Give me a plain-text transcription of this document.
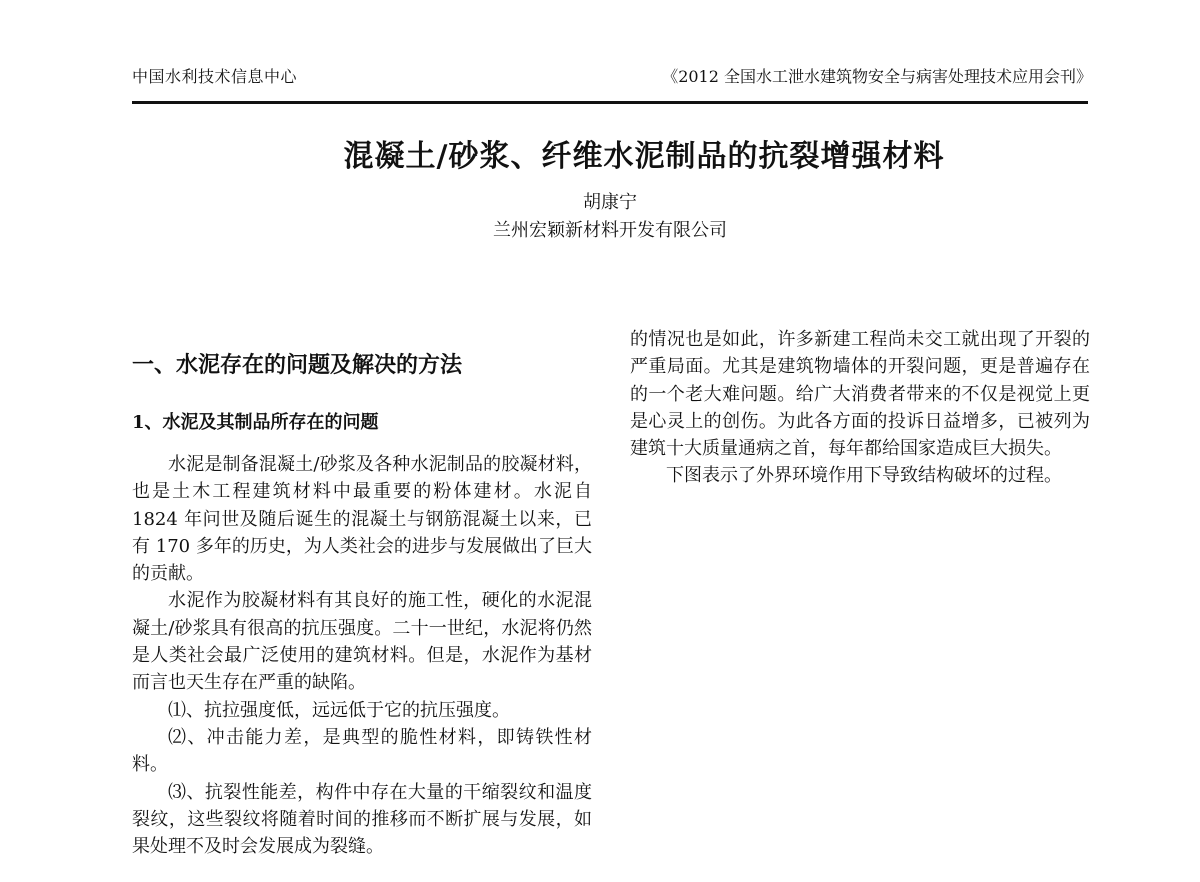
中国水利技术信息中心	《2012 全国水工泄水建筑物安全与病害处理技术应用会刊》
混凝土/砂浆、纤维水泥制品的抗裂增强材料
胡康宁
兰州宏颖新材料开发有限公司
一、水泥存在的问题及解决的方法
1、水泥及其制品所存在的问题

水泥是制备混凝土/砂浆及各种水泥制品的胶凝材料，也是土木工程建筑材料中最重要的粉体建材。水泥自 1824 年问世及随后诞生的混凝土与钢筋混凝土以来，已有 170 多年的历史，为人类社会的进步与发展做出了巨大的贡献。

水泥作为胶凝材料有其良好的施工性，硬化的水泥混凝土/砂浆具有很高的抗压强度。二十一世纪，水泥将仍然是人类社会最广泛使用的建筑材料。但是，水泥作为基材而言也天生存在严重的缺陷。

⑴、抗拉强度低，远远低于它的抗压强度。

⑵、冲击能力差，是典型的脆性材料，即铸铁性材料。

⑶、抗裂性能差，构件中存在大量的干缩裂纹和温度裂纹，这些裂纹将随着时间的推移而不断扩展与发展，如果处理不及时会发展成为裂缝。

的情况也是如此，许多新建工程尚未交工就出现了开裂的严重局面。尤其是建筑物墙体的开裂问题，更是普遍存在的一个老大难问题。给广大消费者带来的不仅是视觉上更是心灵上的创伤。为此各方面的投诉日益增多，已被列为建筑十大质量通病之首，每年都给国家造成巨大损失。

下图表示了外界环境作用下导致结构破坏的过程。
